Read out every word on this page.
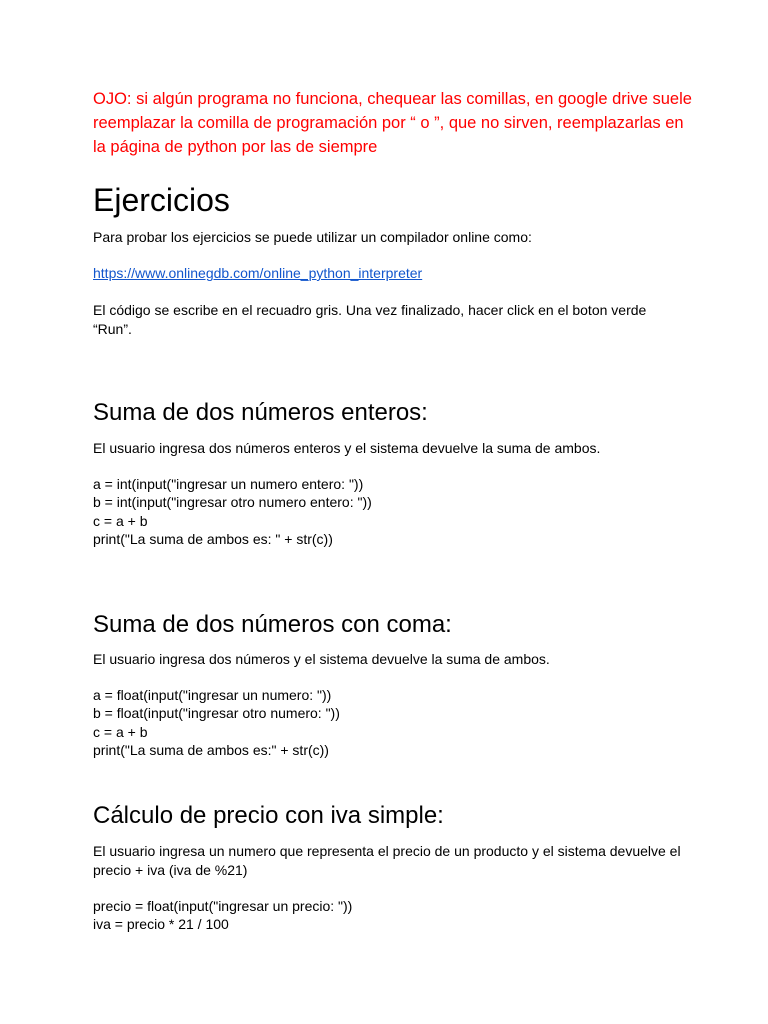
OJO: si algún programa no funciona, chequear las comillas, en google drive suele reemplazar la comilla de programación por “ o ”, que no sirven, reemplazarlas en la página de python por las de siempre

Ejercicios

Para probar los ejercicios se puede utilizar un compilador online como:

https://www.onlinegdb.com/online_python_interpreter

El código se escribe en el recuadro gris. Una vez finalizado, hacer click en el boton verde “Run”.

Suma de dos números enteros:

El usuario ingresa dos números enteros y el sistema devuelve la suma de ambos.

a = int(input("ingresar un numero entero: "))
b = int(input("ingresar otro numero entero: "))
c = a + b
print("La suma de ambos es: " + str(c))
Suma de dos números con coma:

El usuario ingresa dos números y el sistema devuelve la suma de ambos.

a = float(input("ingresar un numero: "))
b = float(input("ingresar otro numero: "))
c = a + b
print("La suma de ambos es:" + str(c))
Cálculo de precio con iva simple:

El usuario ingresa un numero que representa el precio de un producto y el sistema devuelve el precio + iva (iva de %21)

precio = float(input("ingresar un precio: "))
iva = precio * 21 / 100
